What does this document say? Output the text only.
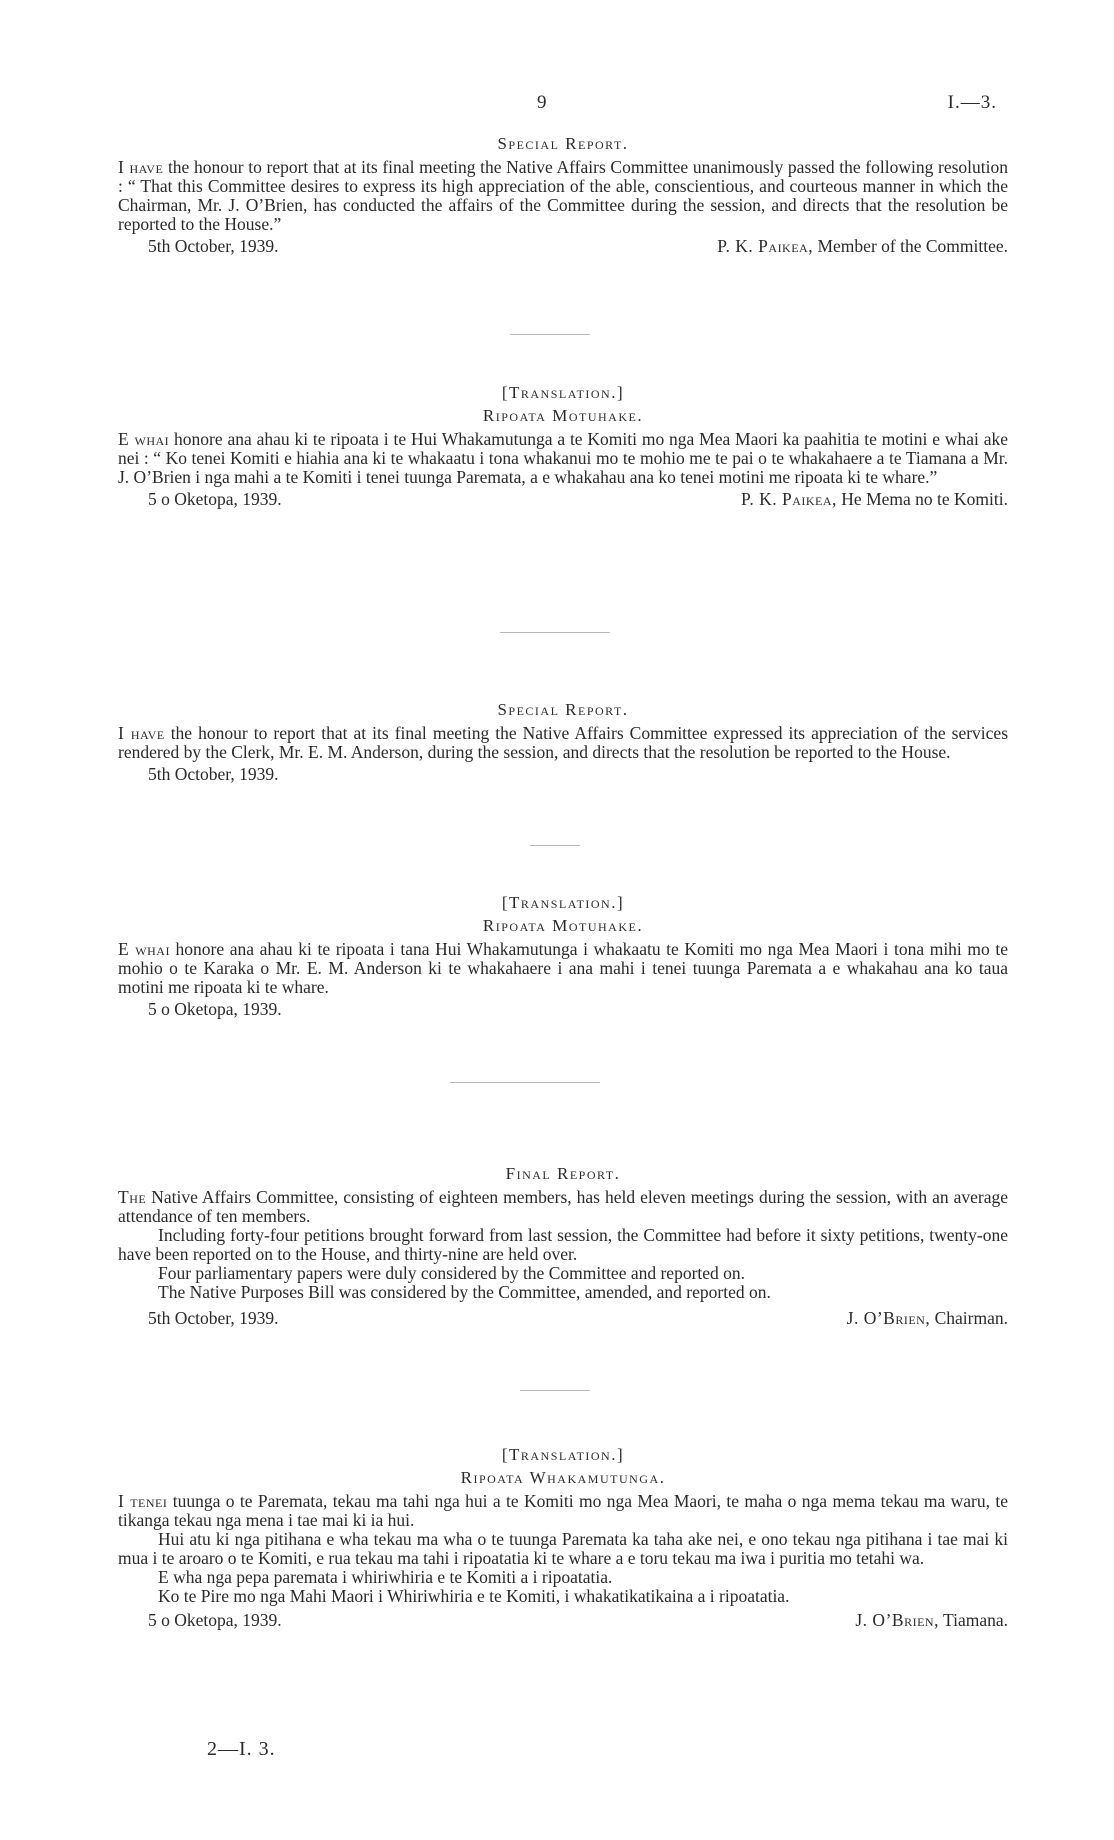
9	I.—3.
Special Report.

I have the honour to report that at its final meeting the Native Affairs Committee unanimously passed the following resolution : “ That this Committee desires to express its high appreciation of the able, conscientious, and courteous manner in which the Chairman, Mr. J. O’Brien, has conducted the affairs of the Committee during the session, and directs that the resolution be reported to the House.”

5th October, 1939.	P. K. Paikea, Member of the Committee.
[Translation.]
Ripoata Motuhake.

E whai honore ana ahau ki te ripoata i te Hui Whakamutunga a te Komiti mo nga Mea Maori ka paahitia te motini e whai ake nei : “ Ko tenei Komiti e hiahia ana ki te whakaatu i tona whakanui mo te mohio me te pai o te whakahaere a te Tiamana a Mr. J. O’Brien i nga mahi a te Komiti i tenei tuunga Paremata, a e whakahau ana ko tenei motini me ripoata ki te whare.”

5 o Oketopa, 1939.	P. K. Paikea, He Mema no te Komiti.
Special Report.

I have the honour to report that at its final meeting the Native Affairs Committee expressed its appreciation of the services rendered by the Clerk, Mr. E. M. Anderson, during the session, and directs that the resolution be reported to the House.

5th October, 1939.
[Translation.]
Ripoata Motuhake.

E whai honore ana ahau ki te ripoata i tana Hui Whakamutunga i whakaatu te Komiti mo nga Mea Maori i tona mihi mo te mohio o te Karaka o Mr. E. M. Anderson ki te whakahaere i ana mahi i tenei tuunga Paremata a e whakahau ana ko taua motini me ripoata ki te whare.

5 o Oketopa, 1939.
Final Report.

The Native Affairs Committee, consisting of eighteen members, has held eleven meetings during the session, with an average attendance of ten members.

Including forty-four petitions brought forward from last session, the Committee had before it sixty petitions, twenty-one have been reported on to the House, and thirty-nine are held over.

Four parliamentary papers were duly considered by the Committee and reported on.

The Native Purposes Bill was considered by the Committee, amended, and reported on.

5th October, 1939.	J. O’Brien, Chairman.
[Translation.]
Ripoata Whakamutunga.

I tenei tuunga o te Paremata, tekau ma tahi nga hui a te Komiti mo nga Mea Maori, te maha o nga mema tekau ma waru, te tikanga tekau nga mena i tae mai ki ia hui.

Hui atu ki nga pitihana e wha tekau ma wha o te tuunga Paremata ka taha ake nei, e ono tekau nga pitihana i tae mai ki mua i te aroaro o te Komiti, e rua tekau ma tahi i ripoatatia ki te whare a e toru tekau ma iwa i puritia mo tetahi wa.

E wha nga pepa paremata i whiriwhiria e te Komiti a i ripoatatia.

Ko te Pire mo nga Mahi Maori i Whiriwhiria e te Komiti, i whakatikatikaina a i ripoatatia.

5 o Oketopa, 1939.	J. O’Brien, Tiamana.
2—I. 3.
